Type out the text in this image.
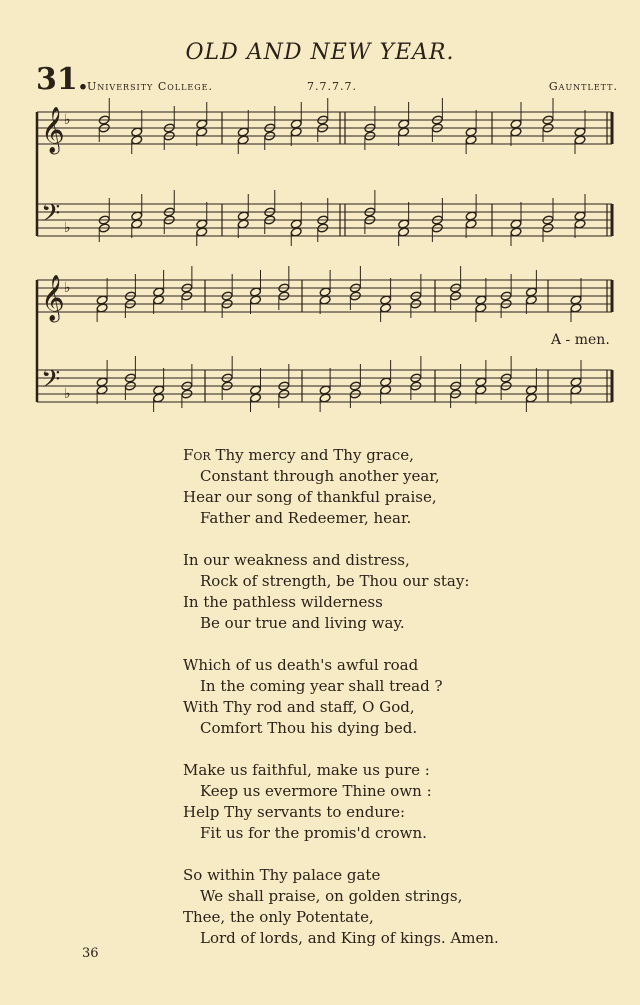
OLD AND NEW YEAR.
31.
University College.	7.7.7.7.	Gauntlett.
𝄞
𝄢
♭
♭
𝄞
𝄢
♭
♭
A - men.
For Thy mercy and Thy grace,
Constant through another year,
Hear our song of thankful praise,
Father and Redeemer, hear.
In our weakness and distress,
Rock of strength, be Thou our stay:
In the pathless wilderness
Be our true and living way.
Which of us death's awful road
In the coming year shall tread ?
With Thy rod and staff, O God,
Comfort Thou his dying bed.
Make us faithful, make us pure :
Keep us evermore Thine own :
Help Thy servants to endure:
Fit us for the promis'd crown.
So within Thy palace gate
We shall praise, on golden strings,
Thee, the only Potentate,
Lord of lords, and King of kings. Amen.
36
